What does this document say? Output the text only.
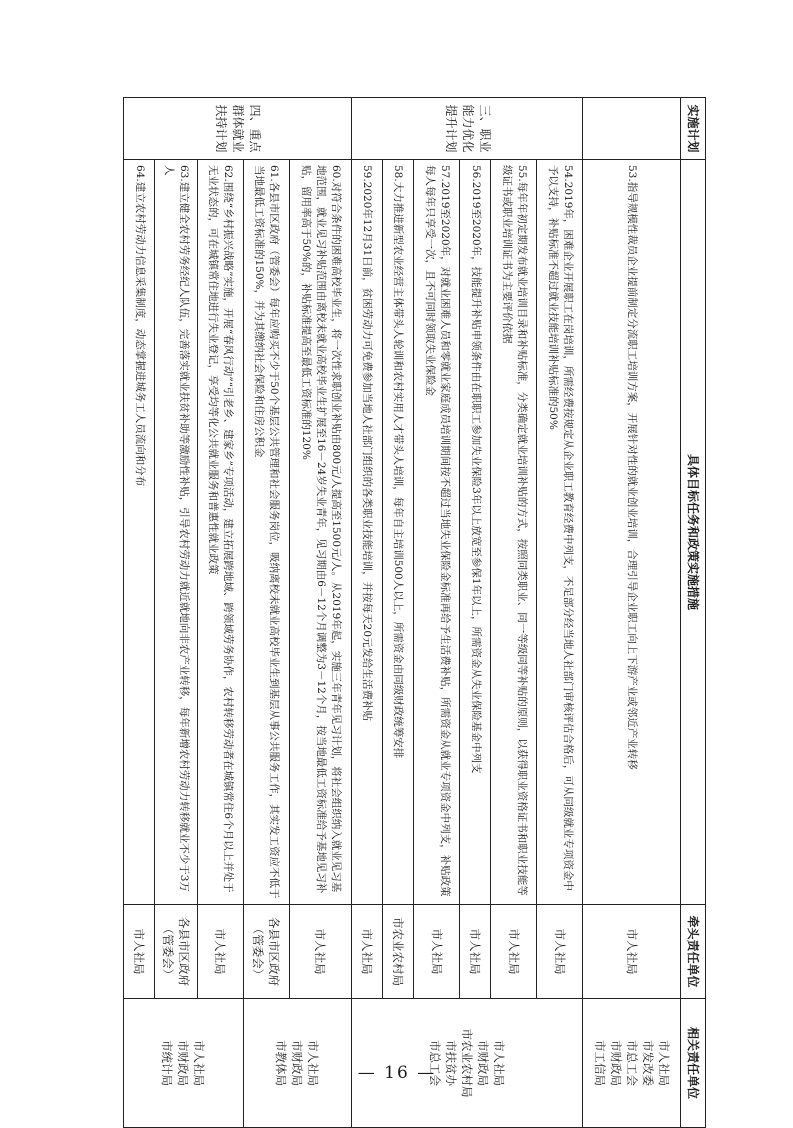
实施计划	具体目标任务和政策实施措施	牵头责任单位	相关责任单位
	53.指导规模性裁员企业提前制定分流职工培训方案，开展针对性的就业创业培训，合理引导企业职工向上下游产业或邻近产业转移	市人社局	市人社局
市发改委
市总工会
市财政局
市工信局
三、职业能力优化提升计划	54.2019年，困难企业开展职工在岗培训，所需经费按规定从企业职工教育经费中列支，不足部分经当地人社部门审核评估合格后，可从同级就业专项资金中予以支持，补贴标准不超过就业技能培训补贴标准的50%	市人社局	市人社局
市财政局
市农业农村局
市扶贫办
市总工会
	55.每年年初定期发布就业培训目录和补贴标准，分类确定就业培训补贴的方式，按照同类职业、同一等级同等补贴的原则，以获得职业资格证书和职业技能等级证书或职业培训证书为主要评价依据	市人社局	
	56.2019至2020年，技能提升补贴申领条件由在职职工参加失业保险3年以上放宽至参保1年以上，所需资金从失业保险基金中列支	市人社局	
	57.2019至2020年，对就业困难人员和零就业家庭成员培训期间按不超过当地失业保险金标准再给予生活费补贴，所需资金从就业专项资金中列支，补贴政策每人每年只享受一次，且不可同时领取失业保险金	市人社局	
	58.大力推进新型农业经营主体带头人轮训和农村实用人才带头人培训，每年自主培训500人以上，所需资金由同级财政统筹安排	市农业农村局	
	59.2020年12月31日前，贫困劳动力可免费参加当地人社部门组织的各类职业技能培训，并按每天20元发给生活费补贴	市人社局	
四、重点群体就业扶持计划	60.对符合条件的困难高校毕业生，将一次性求职创业补贴由800元/人提高至1500元/人。从2019年起，实施三年青年见习计划，将社会组织纳入就业见习基地范围，就业见习补贴范围由离校未就业高校毕业生扩展至16－24岁失业青年，见习期由6－12个月调整为3－12个月，按当地最低工资标准给予基地见习补贴，留用率高于50%的，补贴标准提高至最低工资标准的120%	市人社局	市人社局
市财政局
市教体局
	61.各县市区政府（管委会）每年应购买不少于50个基层公共管理和社会服务岗位，吸纳离校未就业高校毕业生到基层从事公共服务工作，其实发工资应不低于当地最低工资标准的150%，并为其缴纳社会保险和住房公积金	各县市区政府（管委会）	
	62.围绕“乡村振兴战略”实施，开展“春风行动”“引老乡、建家乡”专项活动，建立拓展跨地域、跨领域劳务协作，农村转移劳动者在城镇常住6个月以上并处于无业状态的，可在城镇常住地进行失业登记，享受均等化公共就业服务和普惠性就业政策	市人社局	市人社局
市财政局
市统计局
	63.建立健全农村劳务经纪人队伍，完善落实就业扶贫补助等激励性补贴，引导农村劳动力就近就地向非农产业转移，每年新增农村劳动力转移就业不少于3万人	各县市区政府（管委会）	
	64.建立农村劳动力信息采集制度，动态掌握进城务工人员流向和分布	市人社局	
— 16 —
